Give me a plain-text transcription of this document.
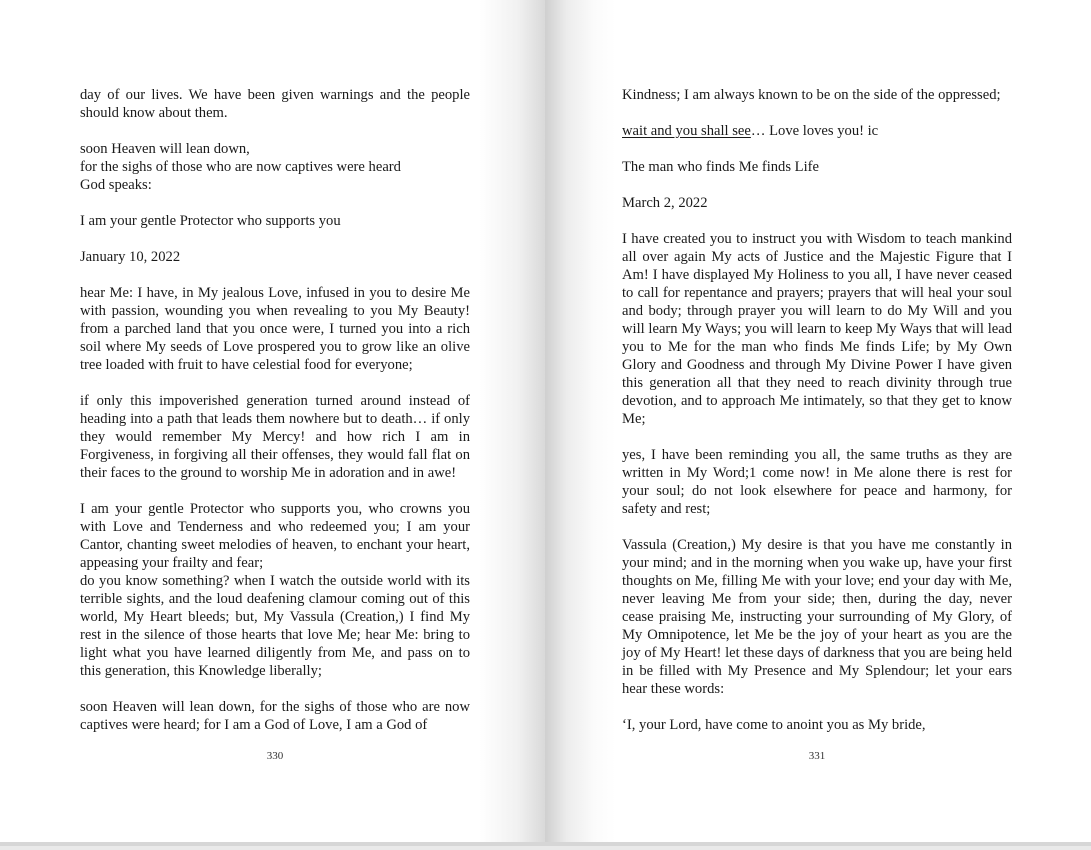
day of our lives. We have been given warnings and the people should know about them.

soon Heaven will lean down,
for the sighs of those who are now captives were heard
God speaks:

I am your gentle Protector who supports you

January 10, 2022

hear Me: I have, in My jealous Love, infused in you to desire Me with passion, wounding you when revealing to you My Beauty! from a parched land that you once were, I turned you into a rich soil where My seeds of Love prospered you to grow like an olive tree loaded with fruit to have celestial food for everyone;

if only this impoverished generation turned around instead of heading into a path that leads them nowhere but to death… if only they would remember My Mercy! and how rich I am in Forgiveness, in forgiving all their offenses, they would fall flat on their faces to the ground to worship Me in adoration and in awe!

I am your gentle Protector who supports you, who crowns you with Love and Tenderness and who redeemed you; I am your Cantor, chanting sweet melodies of heaven, to enchant your heart, appeasing your frailty and fear;
do you know something? when I watch the outside world with its terrible sights, and the loud deafening clamour coming out of this world, My Heart bleeds; but, My Vassula (Creation,) I find My rest in the silence of those hearts that love Me; hear Me: bring to light what you have learned diligently from Me, and pass on to this generation, this Knowledge liberally;

soon Heaven will lean down, for the sighs of those who are now captives were heard; for I am a God of Love, I am a God of

330

Kindness; I am always known to be on the side of the oppressed;

wait and you shall see… Love loves you! ic

The man who finds Me finds Life

March 2, 2022

I have created you to instruct you with Wisdom to teach mankind all over again My acts of Justice and the Majestic Figure that I Am! I have displayed My Holiness to you all, I have never ceased to call for repentance and prayers; prayers that will heal your soul and body; through prayer you will learn to do My Will and you will learn My Ways; you will learn to keep My Ways that will lead you to Me for the man who finds Me finds Life; by My Own Glory and Goodness and through My Divine Power I have given this generation all that they need to reach divinity through true devotion, and to approach Me intimately, so that they get to know Me;

yes, I have been reminding you all, the same truths as they are written in My Word;1 come now! in Me alone there is rest for your soul; do not look elsewhere for peace and harmony, for safety and rest;

Vassula (Creation,) My desire is that you have me constantly in your mind; and in the morning when you wake up, have your first thoughts on Me, filling Me with your love; end your day with Me, never leaving Me from your side; then, during the day, never cease praising Me, instructing your surrounding of My Glory, of My Omnipotence, let Me be the joy of your heart as you are the joy of My Heart! let these days of darkness that you are being held in be filled with My Presence and My Splendour; let your ears hear these words:

‘I, your Lord, have come to anoint you as My bride,

331
